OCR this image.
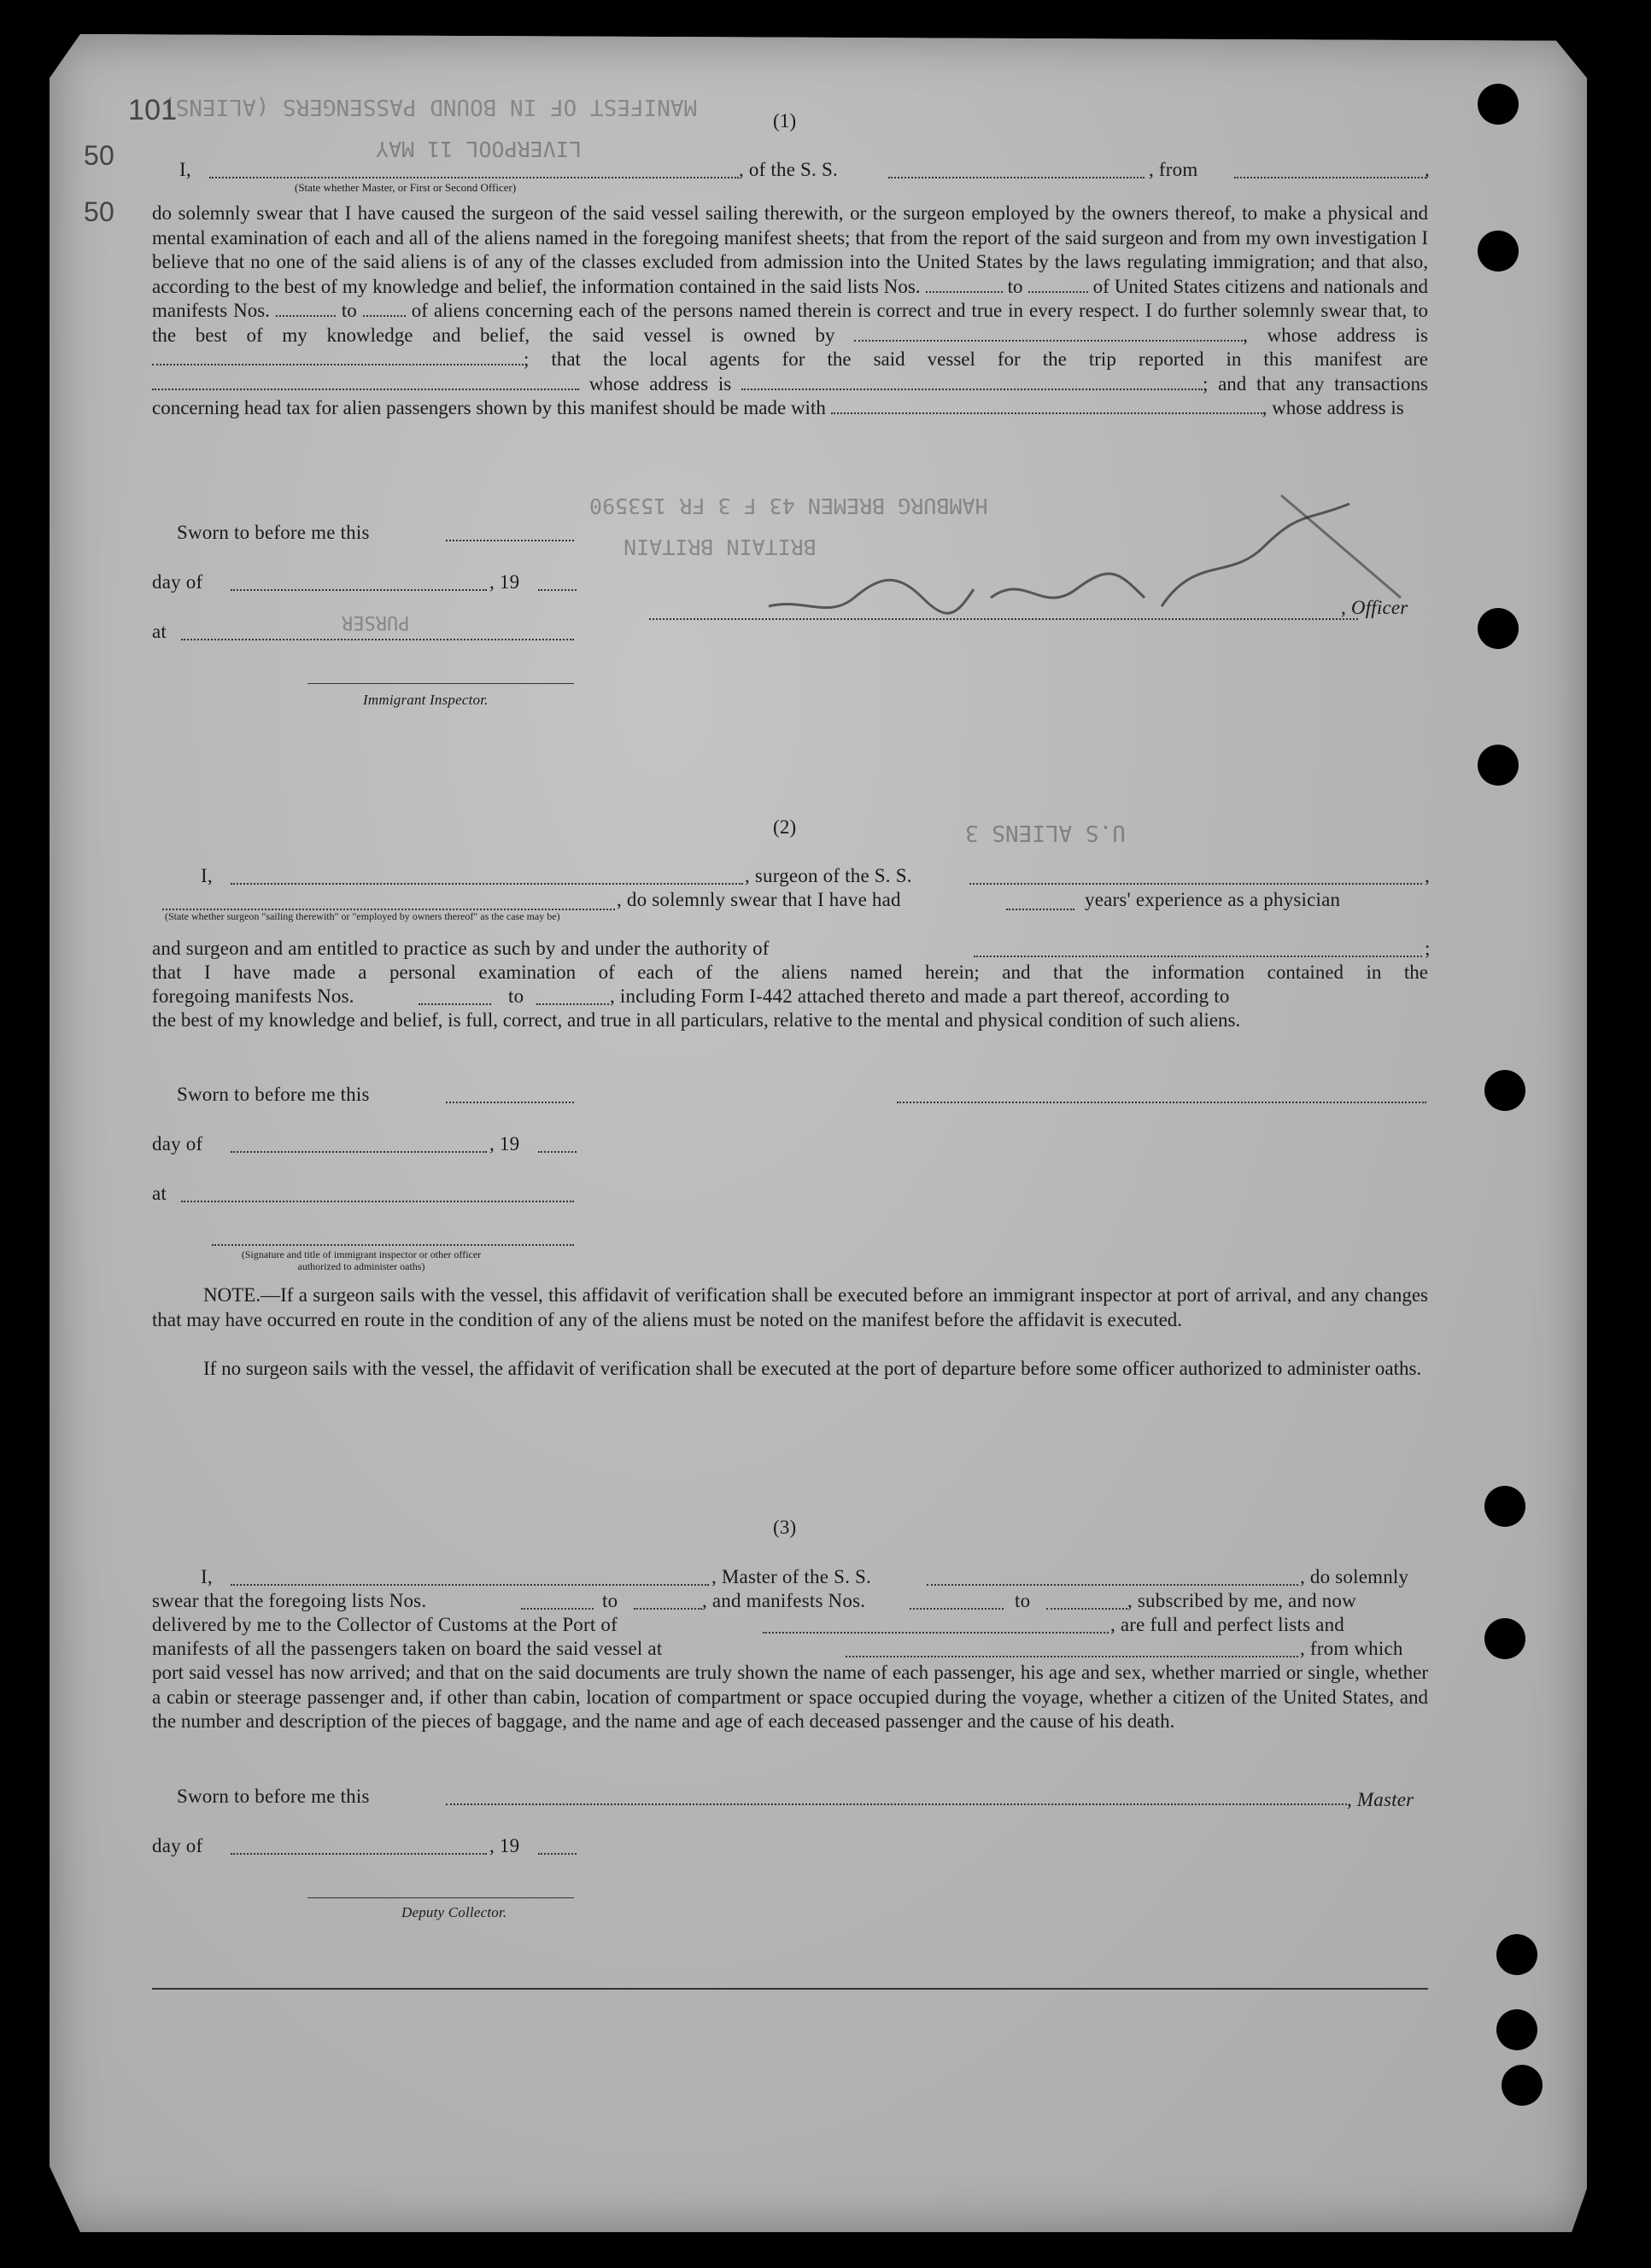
MANIFEST OF IN BOUND PASSENGERS (ALIENS)
LIVERPOOL 11 MAY
HAMBURG BREMEN 43 F 3 FR 153590
BRITAIN BRITAIN
PURSER
U.S ALIENS 3
50
50
101	(1)
I,	, of the S. S.	, from	,
(State whether Master, or First or Second Officer)
do solemnly swear that I have caused the surgeon of the said vessel sailing therewith, or the surgeon employed by the owners thereof, to make a physical and mental examination of each and all of the aliens named in the foregoing manifest sheets; that from the report of the said surgeon and from my own investigation I believe that no one of the said aliens is of any of the classes excluded from admission into the United States by the laws regulating immigration; and that also, according to the best of my knowledge and belief, the information contained in the said lists Nos.	to	of United States citizens and nationals and manifests Nos.	to	of aliens concerning each of the persons named therein is correct and true in every respect. I do further solemnly swear that, to the best of my knowledge and belief, the said vessel is owned by	, whose address is ; that the local agents for the said vessel for the trip reported in this manifest are  whose address is	; and that any transactions concerning head tax for alien passengers shown by this manifest should be made with	, whose address is
Sworn to before me this
day of	, 19
, Officer
at
Immigrant Inspector.
(2)
I,	, surgeon of the S. S.	,
, do solemnly swear that I have had	years' experience as a physician
(State whether surgeon "sailing therewith" or "employed by owners thereof" as the case may be)
and surgeon and am entitled to practice as such by and under the authority of	;
that I have made a personal examination of each of the aliens named herein; and that the information contained in the
foregoing manifests Nos.	to	, including Form I-442 attached thereto and made a part thereof, according to
the best of my knowledge and belief, is full, correct, and true in all particulars, relative to the mental and physical condition of such aliens.
Sworn to before me this
day of	, 19
at
(Signature and title of immigrant inspector or other officer authorized to administer oaths)
NOTE.—If a surgeon sails with the vessel, this affidavit of verification shall be executed before an immigrant inspector at port of arrival, and any changes that may have occurred en route in the condition of any of the aliens must be noted on the manifest before the affidavit is executed.
If no surgeon sails with the vessel, the affidavit of verification shall be executed at the port of departure before some officer authorized to administer oaths.
(3)
I,	, Master of the S. S.	, do solemnly
swear that the foregoing lists Nos.	to	, and manifests Nos.	to	, subscribed by me, and now
delivered by me to the Collector of Customs at the Port of	, are full and perfect lists and
manifests of all the passengers taken on board the said vessel at	, from which
port said vessel has now arrived; and that on the said documents are truly shown the name of each passenger, his age and sex, whether married or single, whether a cabin or steerage passenger and, if other than cabin, location of compartment or space occupied during the voyage, whether a citizen of the United States, and the number and description of the pieces of baggage, and the name and age of each deceased passenger and the cause of his death.
Sworn to before me this	, Master
day of	, 19
Deputy Collector.
